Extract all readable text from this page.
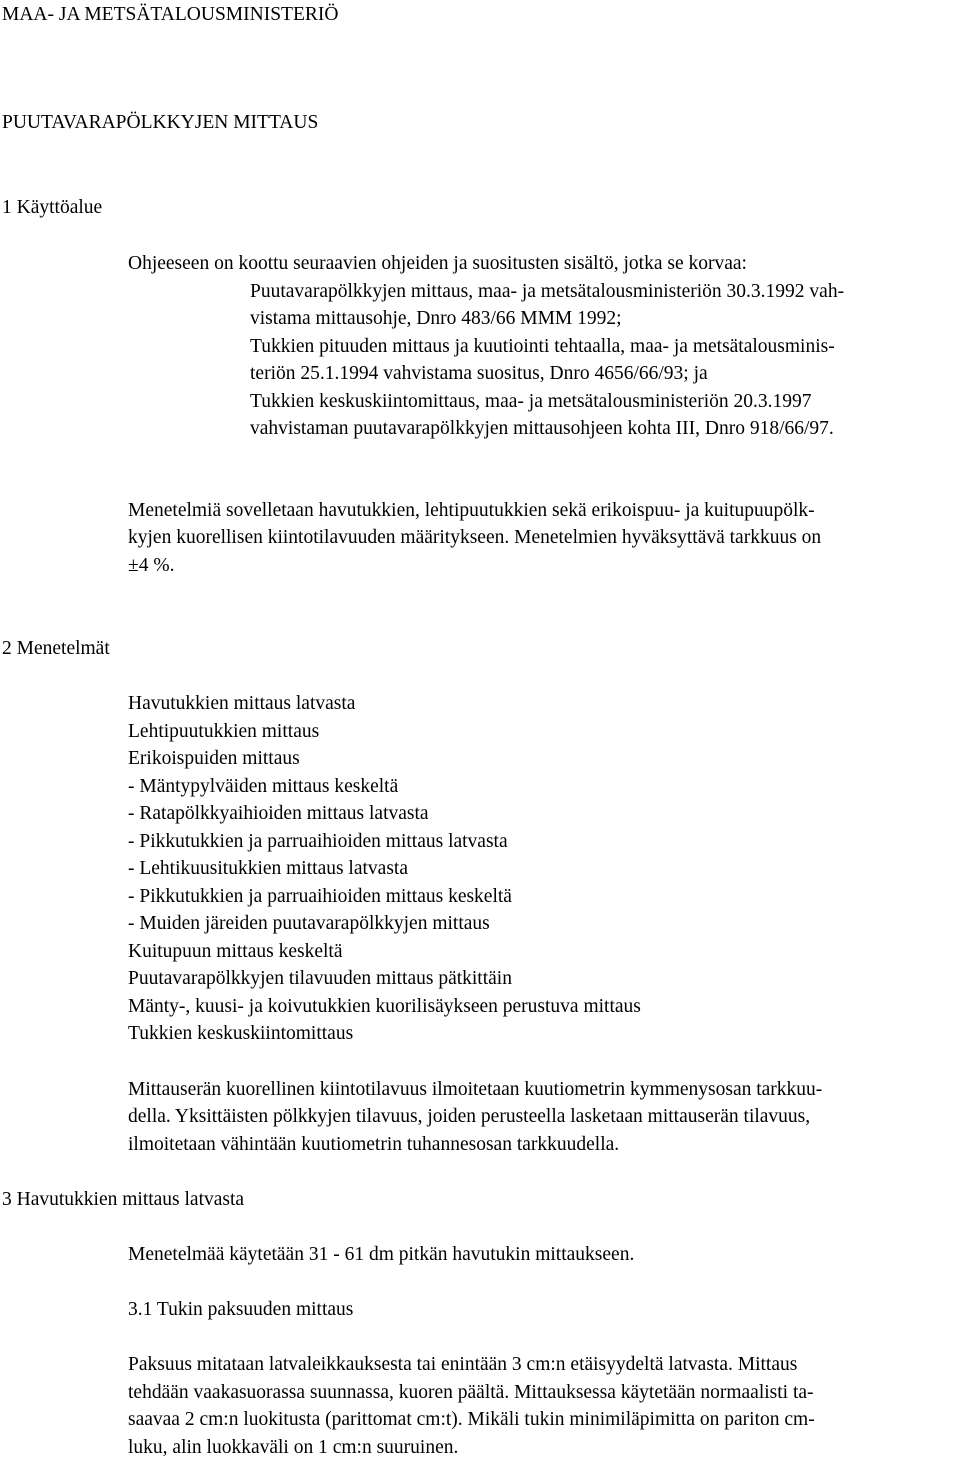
MAA- JA METSÄTALOUSMINISTERIÖ
PUUTAVARAPÖLKKYJEN MITTAUS
1 Käyttöalue
Ohjeeseen on koottu seuraavien ohjeiden ja suositusten sisältö, jotka se korvaa:
Puutavarapölkkyjen mittaus, maa- ja metsätalousministeriön 30.3.1992 vah-
vistama mittausohje, Dnro 483/66 MMM 1992;
Tukkien pituuden mittaus ja kuutiointi tehtaalla, maa- ja metsätalousminis-
teriön 25.1.1994 vahvistama suositus, Dnro 4656/66/93; ja
Tukkien keskuskiintomittaus, maa- ja metsätalousministeriön 20.3.1997
vahvistaman puutavarapölkkyjen mittausohjeen kohta III, Dnro 918/66/97.
Menetelmiä sovelletaan havutukkien, lehtipuutukkien sekä erikoispuu- ja kuitupuupölk-
kyjen kuorellisen kiintotilavuuden määritykseen. Menetelmien hyväksyttävä tarkkuus on
±4 %.
2 Menetelmät
Havutukkien mittaus latvasta
Lehtipuutukkien mittaus
Erikoispuiden mittaus
- Mäntypylväiden mittaus keskeltä
- Ratapölkkyaihioiden mittaus latvasta
- Pikkutukkien ja parruaihioiden mittaus latvasta
- Lehtikuusitukkien mittaus latvasta
- Pikkutukkien ja parruaihioiden mittaus keskeltä
- Muiden järeiden puutavarapölkkyjen mittaus
Kuitupuun mittaus keskeltä
Puutavarapölkkyjen tilavuuden mittaus pätkittäin
Mänty-, kuusi- ja koivutukkien kuorilisäykseen perustuva mittaus
Tukkien keskuskiintomittaus
Mittauserän kuorellinen kiintotilavuus ilmoitetaan kuutiometrin kymmenysosan tarkkuu-
della. Yksittäisten pölkkyjen tilavuus, joiden perusteella lasketaan mittauserän tilavuus,
ilmoitetaan vähintään kuutiometrin tuhannesosan tarkkuudella.
3 Havutukkien mittaus latvasta
Menetelmää käytetään 31 - 61 dm pitkän havutukin mittaukseen.
3.1 Tukin paksuuden mittaus
Paksuus mitataan latvaleikkauksesta tai enintään 3 cm:n etäisyydeltä latvasta. Mittaus
tehdään vaakasuorassa suunnassa, kuoren päältä. Mittauksessa käytetään normaalisti ta-
saavaa 2 cm:n luokitusta (parittomat cm:t). Mikäli tukin minimiläpimitta on pariton cm-
luku, alin luokkaväli on 1 cm:n suuruinen.
